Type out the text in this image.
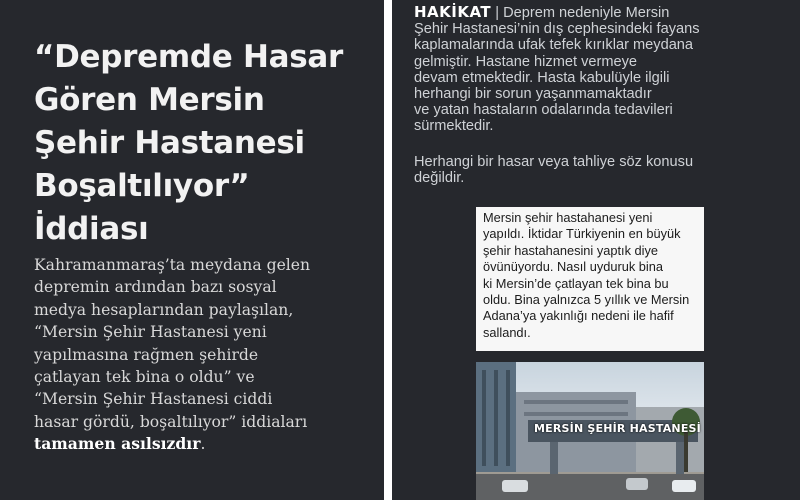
“Depremde Hasar
Gören Mersin
Şehir Hastanesi
Boşaltılıyor”
İddiası

Kahramanmaraş’ta meydana gelen
depremin ardından bazı sosyal
medya hesaplarından paylaşılan,
“Mersin Şehir Hastanesi yeni
yapılmasına rağmen şehirde
çatlayan tek bina o oldu” ve
“Mersin Şehir Hastanesi ciddi
hasar gördü, boşaltılıyor” iddiaları
tamamen asılsızdır.

HAKİKAT | Deprem nedeniyle Mersin
Şehir Hastanesi’nin dış cephesindeki fayans
kaplamalarında ufak tefek kırıklar meydana
gelmiştir. Hastane hizmet vermeye
devam etmektedir. Hasta kabulüyle ilgili
herhangi bir sorun yaşanmamaktadır
ve yatan hastaların odalarında tedavileri
sürmektedir.

Herhangi bir hasar veya tahliye söz konusu
değildir.

Mersin şehir hastahanesi yeni
yapıldı. İktidar Türkiyenin en büyük
şehir hastahanesini yaptık diye
övünüyordu. Nasıl uyduruk bina
ki Mersin’de çatlayan tek bina bu
oldu. Bina yalnızca 5 yıllık ve Mersin
Adana’ya yakınlığı nedeni ile hafif
sallandı.
MERSİN ŞEHİR HASTANESİ
